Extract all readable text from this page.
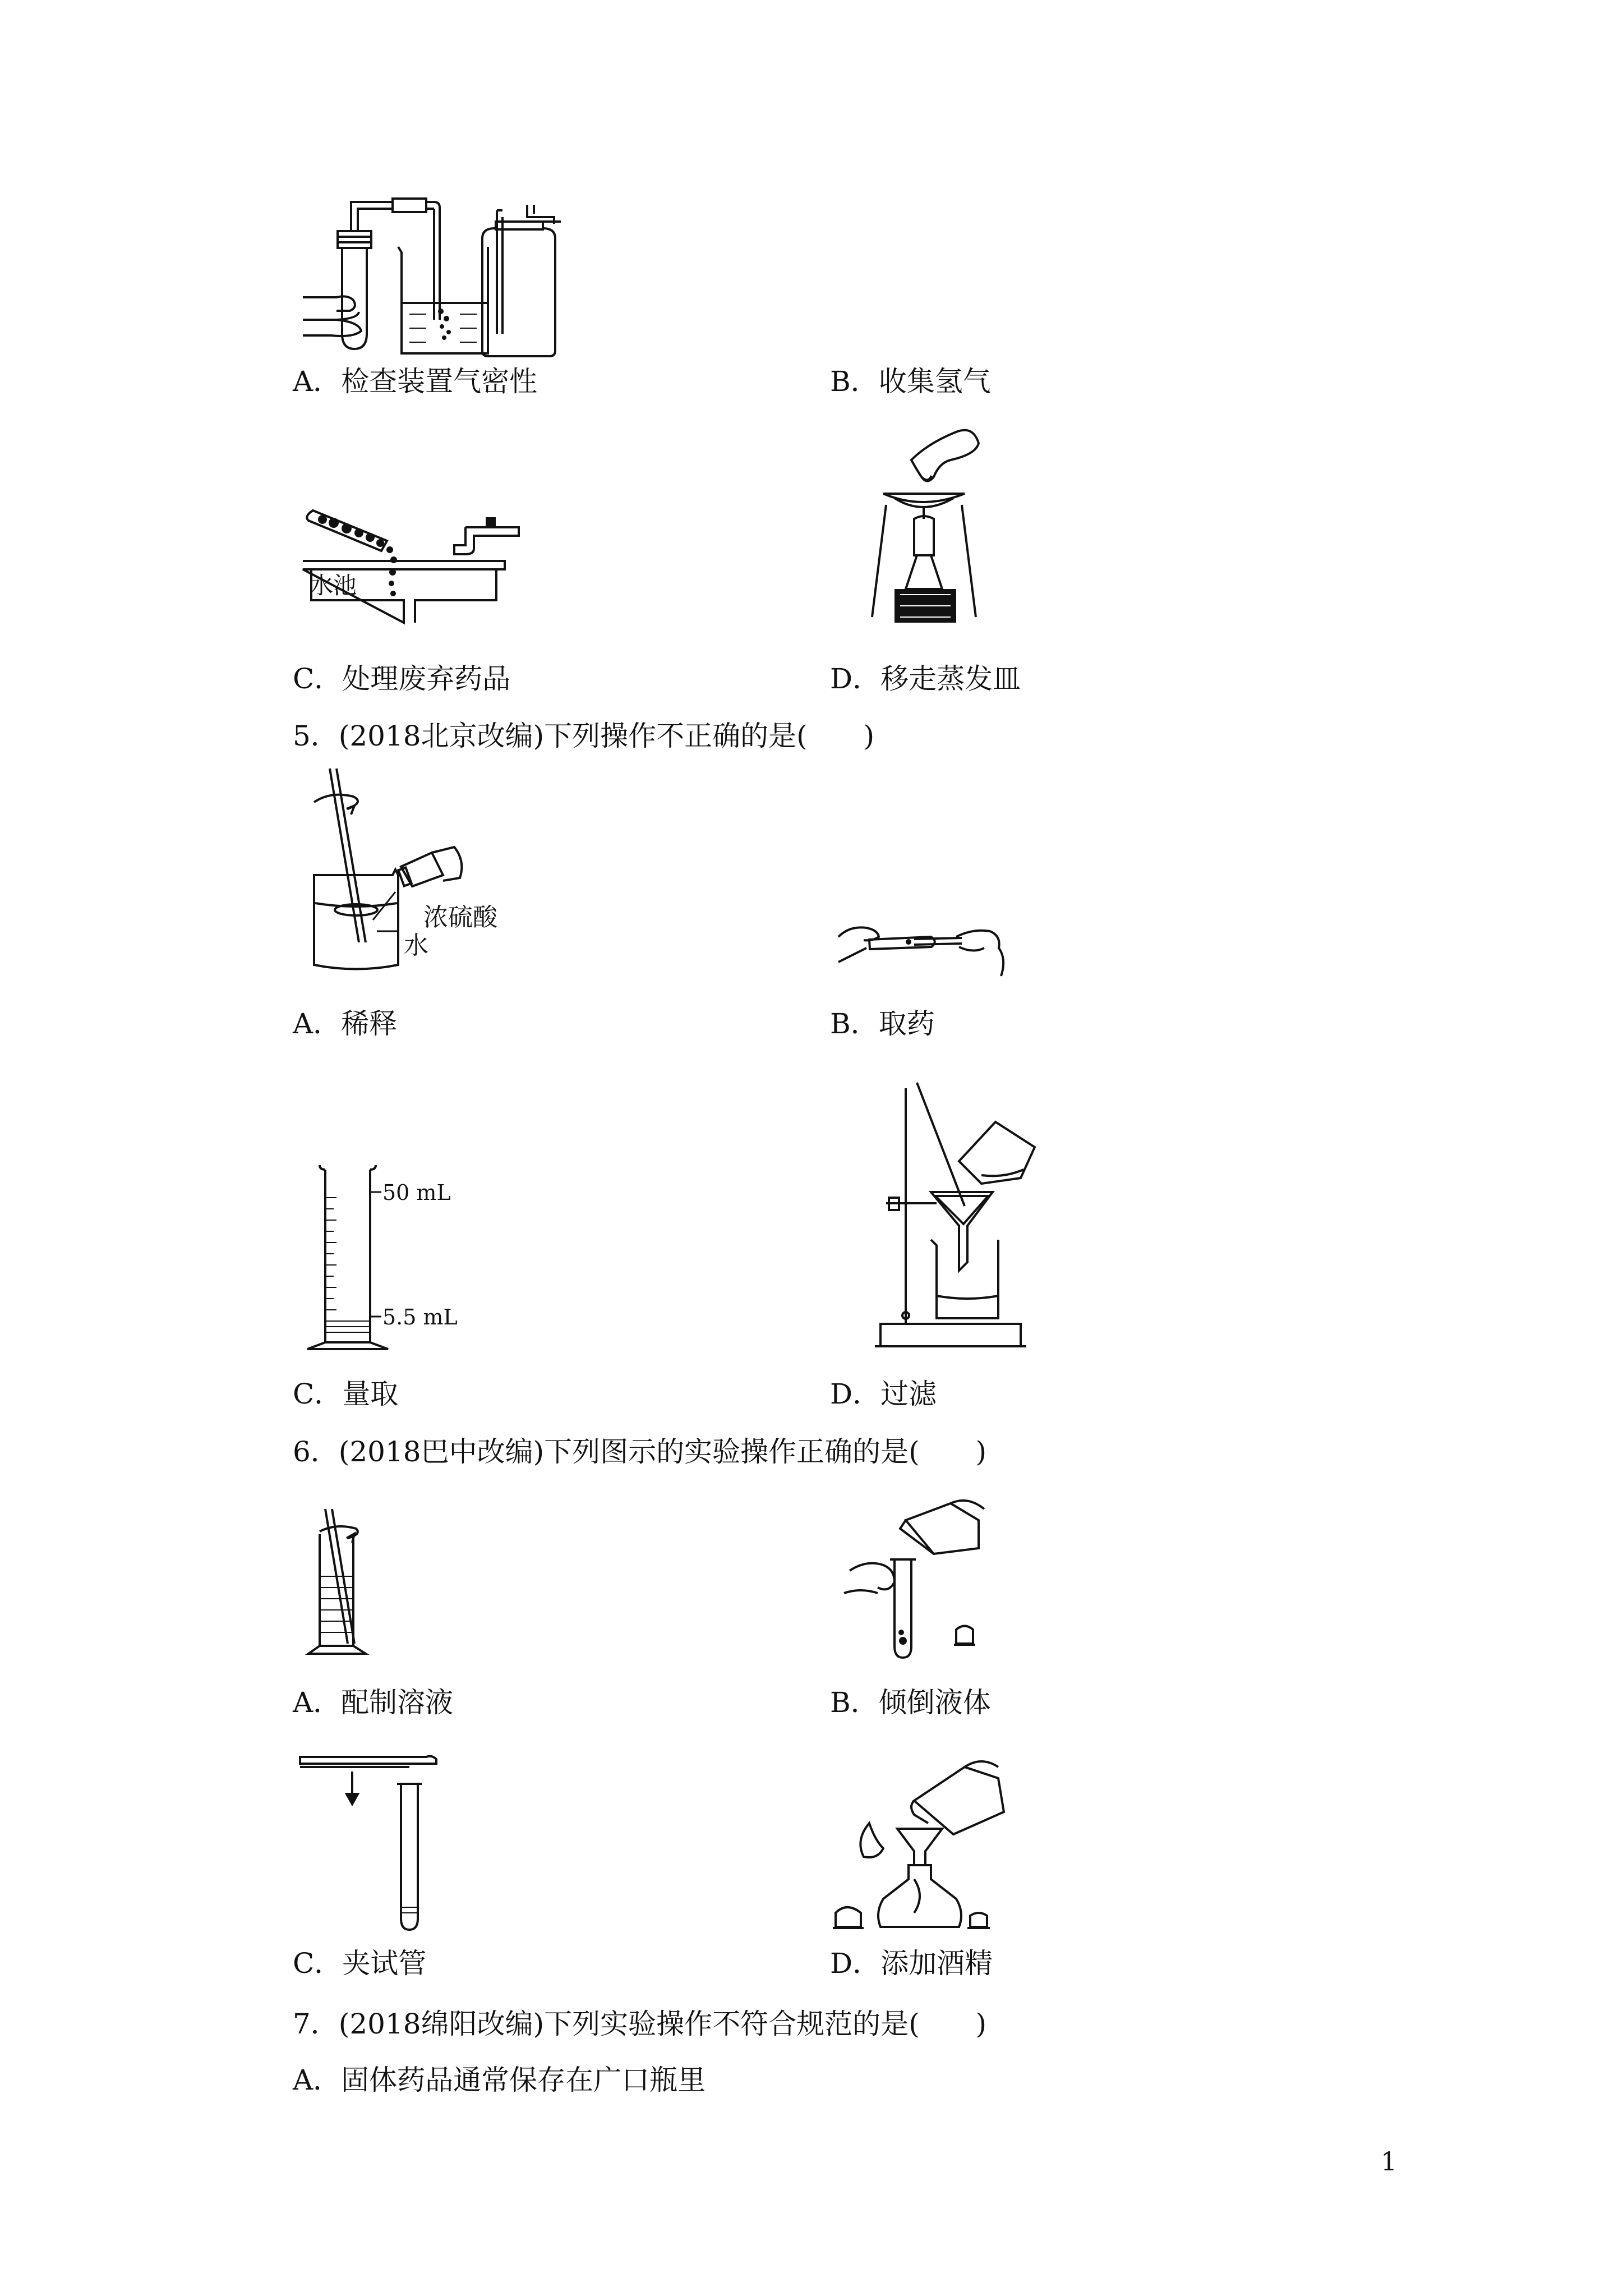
A．检查装置气密性	B．收集氢气
水池
C．处理废弃药品	D．移走蒸发皿
5．(2018北京改编)下列操作不正确的是(　　)
浓硫酸
水
A．稀释	B．取药
50 mL
5.5 mL
C．量取	D．过滤
6．(2018巴中改编)下列图示的实验操作正确的是(　　)
A．配制溶液	B．倾倒液体
C．夹试管	D．添加酒精
7．(2018绵阳改编)下列实验操作不符合规范的是(　　)
A．固体药品通常保存在广口瓶里
1
